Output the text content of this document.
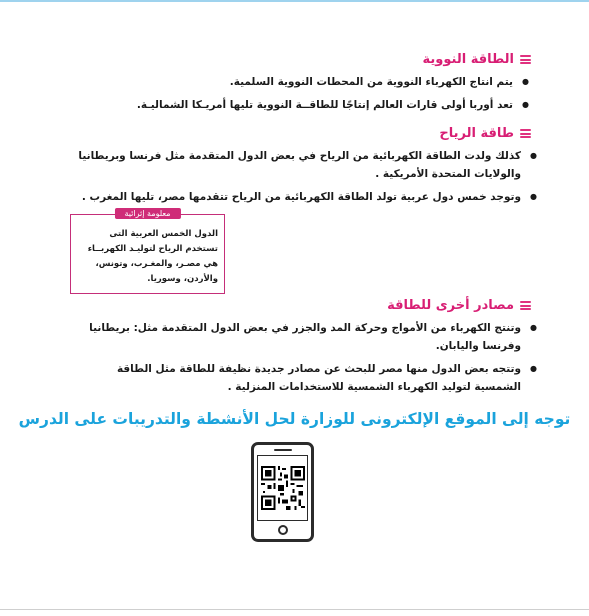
الطاقة النووية
● يتم انتاج الكهرباء النووية من المحطات النووية السلمية.
● تعد أوربا أولى قارات العالم إنتاجًا للطاقــة النووية تليها أمريـكا الشماليـة.
طاقة الرياح
● كذلك ولدت الطاقة الكهربائية من الرياح في بعض الدول المتقدمة مثل فرنسا وبريطانيا والولايات المتحدة الأمريكية .
● وتوجد خمس دول عربية تولد الطاقة الكهربائية من الرياح تتقدمها مصر، تليها المغرب .
معلومة إثرائية

الدول الخمس العربية التى تستخدم الرياح لتوليـد الكهربــاء هي مصـر، والمغـرب، وتونس، والأردن، وسوريا.

مصادر أخرى للطاقة
● وتنتج الكهرباء من الأمواج وحركة المد والجزر في بعض الدول المتقدمة مثل: بريطانيا وفرنسا واليابان.
● وتتجه بعض الدول منها مصر للبحث عن مصادر جديدة نظيفة للطاقة مثل الطاقة الشمسية لتوليد الكهرباء الشمسية للاستخدامات المنزلية .
توجه إلى الموقع الإلكترونى للوزارة لحل الأنشطة والتدريبات على الدرس
